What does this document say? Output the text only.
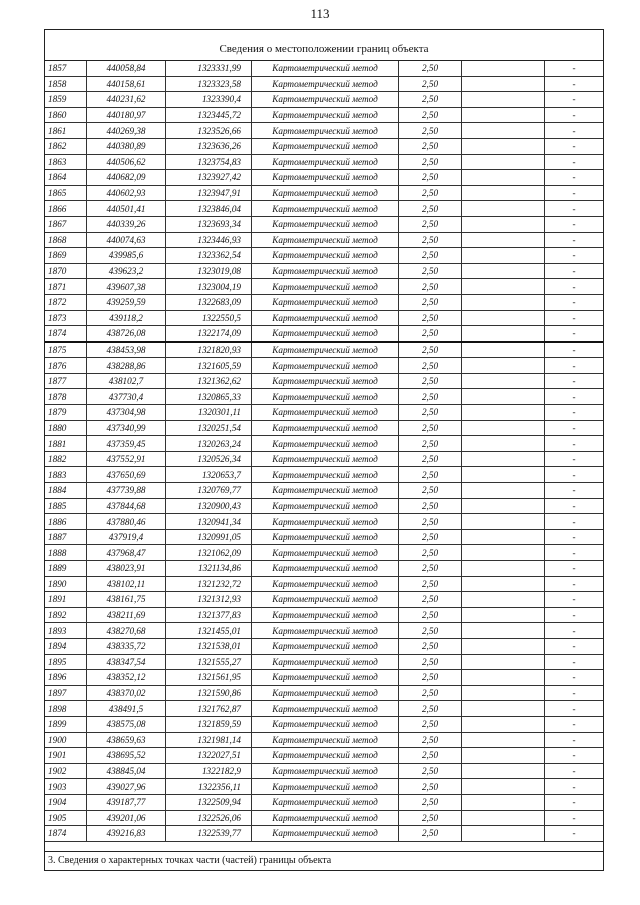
113
Сведения о местоположении границ объекта
1857	440058,84	1323331,99	Картометрический метод	2,50		-
1858	440158,61	1323323,58	Картометрический метод	2,50		-
1859	440231,62	1323390,4	Картометрический метод	2,50		-
1860	440180,97	1323445,72	Картометрический метод	2,50		-
1861	440269,38	1323526,66	Картометрический метод	2,50		-
1862	440380,89	1323636,26	Картометрический метод	2,50		-
1863	440506,62	1323754,83	Картометрический метод	2,50		-
1864	440682,09	1323927,42	Картометрический метод	2,50		-
1865	440602,93	1323947,91	Картометрический метод	2,50		-
1866	440501,41	1323846,04	Картометрический метод	2,50		-
1867	440339,26	1323693,34	Картометрический метод	2,50		-
1868	440074,63	1323446,93	Картометрический метод	2,50		-
1869	439985,6	1323362,54	Картометрический метод	2,50		-
1870	439623,2	1323019,08	Картометрический метод	2,50		-
1871	439607,38	1323004,19	Картометрический метод	2,50		-
1872	439259,59	1322683,09	Картометрический метод	2,50		-
1873	439118,2	1322550,5	Картометрический метод	2,50		-
1874	438726,08	1322174,09	Картометрический метод	2,50		-
1875	438453,98	1321820,93	Картометрический метод	2,50		-
1876	438288,86	1321605,59	Картометрический метод	2,50		-
1877	438102,7	1321362,62	Картометрический метод	2,50		-
1878	437730,4	1320865,33	Картометрический метод	2,50		-
1879	437304,98	1320301,11	Картометрический метод	2,50		-
1880	437340,99	1320251,54	Картометрический метод	2,50		-
1881	437359,45	1320263,24	Картометрический метод	2,50		-
1882	437552,91	1320526,34	Картометрический метод	2,50		-
1883	437650,69	1320653,7	Картометрический метод	2,50		-
1884	437739,88	1320769,77	Картометрический метод	2,50		-
1885	437844,68	1320900,43	Картометрический метод	2,50		-
1886	437880,46	1320941,34	Картометрический метод	2,50		-
1887	437919,4	1320991,05	Картометрический метод	2,50		-
1888	437968,47	1321062,09	Картометрический метод	2,50		-
1889	438023,91	1321134,86	Картометрический метод	2,50		-
1890	438102,11	1321232,72	Картометрический метод	2,50		-
1891	438161,75	1321312,93	Картометрический метод	2,50		-
1892	438211,69	1321377,83	Картометрический метод	2,50		-
1893	438270,68	1321455,01	Картометрический метод	2,50		-
1894	438335,72	1321538,01	Картометрический метод	2,50		-
1895	438347,54	1321555,27	Картометрический метод	2,50		-
1896	438352,12	1321561,95	Картометрический метод	2,50		-
1897	438370,02	1321590,86	Картометрический метод	2,50		-
1898	438491,5	1321762,87	Картометрический метод	2,50		-
1899	438575,08	1321859,59	Картометрический метод	2,50		-
1900	438659,63	1321981,14	Картометрический метод	2,50		-
1901	438695,52	1322027,51	Картометрический метод	2,50		-
1902	438845,04	1322182,9	Картометрический метод	2,50		-
1903	439027,96	1322356,11	Картометрический метод	2,50		-
1904	439187,77	1322509,94	Картометрический метод	2,50		-
1905	439201,06	1322526,06	Картометрический метод	2,50		-
1874	439216,83	1322539,77	Картометрический метод	2,50		-
3. Сведения о характерных точках части (частей) границы объекта
